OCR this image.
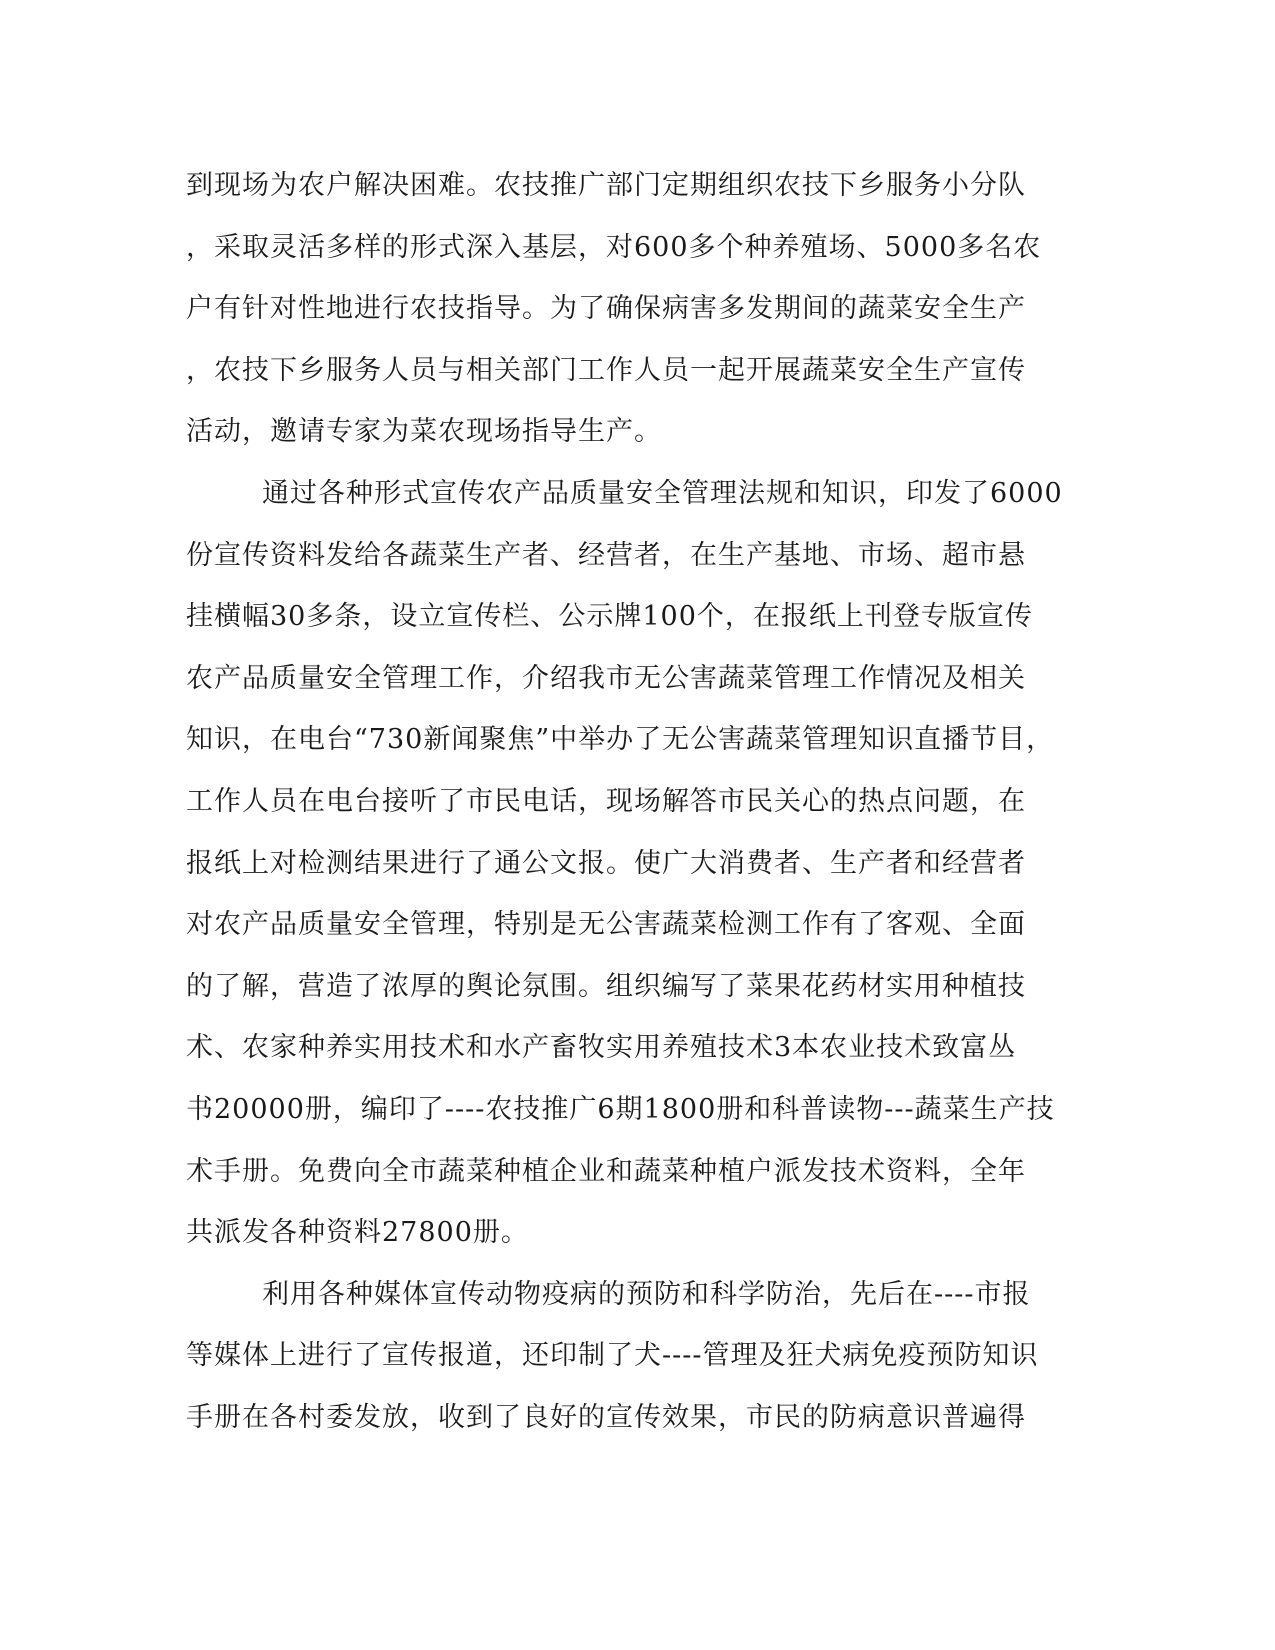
到现场为农户解决困难。农技推广部门定期组织农技下乡服务小分队
，采取灵活多样的形式深入基层，对600多个种养殖场、5000多名农
户有针对性地进行农技指导。为了确保病害多发期间的蔬菜安全生产
，农技下乡服务人员与相关部门工作人员一起开展蔬菜安全生产宣传
活动，邀请专家为菜农现场指导生产。
通过各种形式宣传农产品质量安全管理法规和知识，印发了6000
份宣传资料发给各蔬菜生产者、经营者，在生产基地、市场、超市悬
挂横幅30多条，设立宣传栏、公示牌100个，在报纸上刊登专版宣传
农产品质量安全管理工作，介绍我市无公害蔬菜管理工作情况及相关
知识，在电台“730新闻聚焦”中举办了无公害蔬菜管理知识直播节目，
工作人员在电台接听了市民电话，现场解答市民关心的热点问题，在
报纸上对检测结果进行了通公文报。使广大消费者、生产者和经营者
对农产品质量安全管理，特别是无公害蔬菜检测工作有了客观、全面
的了解，营造了浓厚的舆论氛围。组织编写了菜果花药材实用种植技
术、农家种养实用技术和水产畜牧实用养殖技术3本农业技术致富丛
书20000册，编印了----农技推广6期1800册和科普读物---蔬菜生产技
术手册。免费向全市蔬菜种植企业和蔬菜种植户派发技术资料，全年
共派发各种资料27800册。
利用各种媒体宣传动物疫病的预防和科学防治，先后在----市报
等媒体上进行了宣传报道，还印制了犬----管理及狂犬病免疫预防知识
手册在各村委发放，收到了良好的宣传效果，市民的防病意识普遍得
